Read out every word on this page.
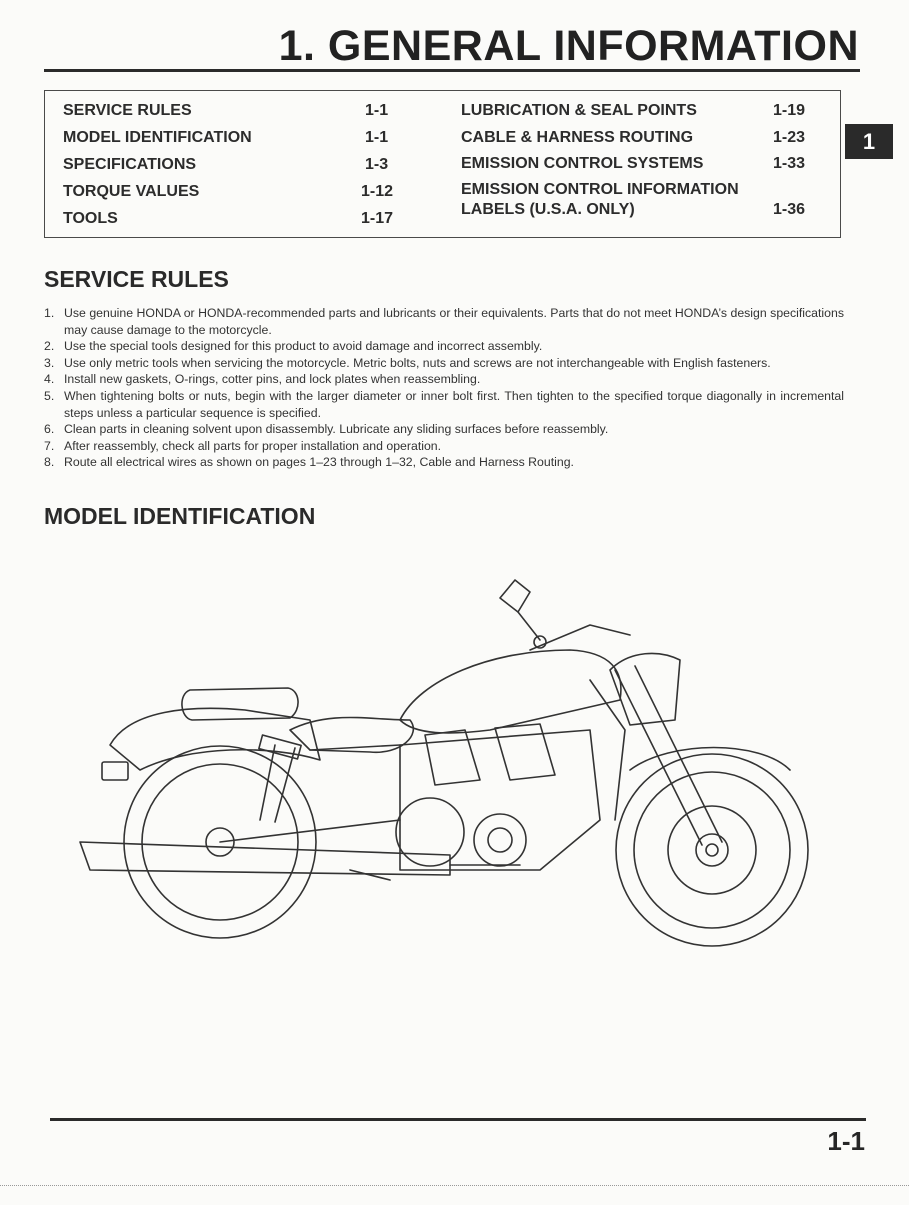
1. GENERAL INFORMATION
SERVICE RULES	1-1
MODEL IDENTIFICATION	1-1
SPECIFICATIONS	1-3
TORQUE VALUES	1-12
TOOLS	1-17
LUBRICATION & SEAL POINTS	1-19
CABLE & HARNESS ROUTING	1-23
EMISSION CONTROL SYSTEMS	1-33
EMISSION CONTROL INFORMATION
LABELS (U.S.A. ONLY)	1-36
1
SERVICE RULES
1. Use genuine HONDA or HONDA-recommended parts and lubricants or their equivalents. Parts that do not meet HONDA’s design specifications may cause damage to the motorcycle.
2. Use the special tools designed for this product to avoid damage and incorrect assembly.
3. Use only metric tools when servicing the motorcycle. Metric bolts, nuts and screws are not interchangeable with English fasteners.
4. Install new gaskets, O-rings, cotter pins, and lock plates when reassembling.
5. When tightening bolts or nuts, begin with the larger diameter or inner bolt first. Then tighten to the specified torque diagonally in incremental steps unless a particular sequence is specified.
6. Clean parts in cleaning solvent upon disassembly. Lubricate any sliding surfaces before reassembly.
7. After reassembly, check all parts for proper installation and operation.
8. Route all electrical wires as shown on pages 1–23 through 1–32, Cable and Harness Routing.
MODEL IDENTIFICATION
1-1
